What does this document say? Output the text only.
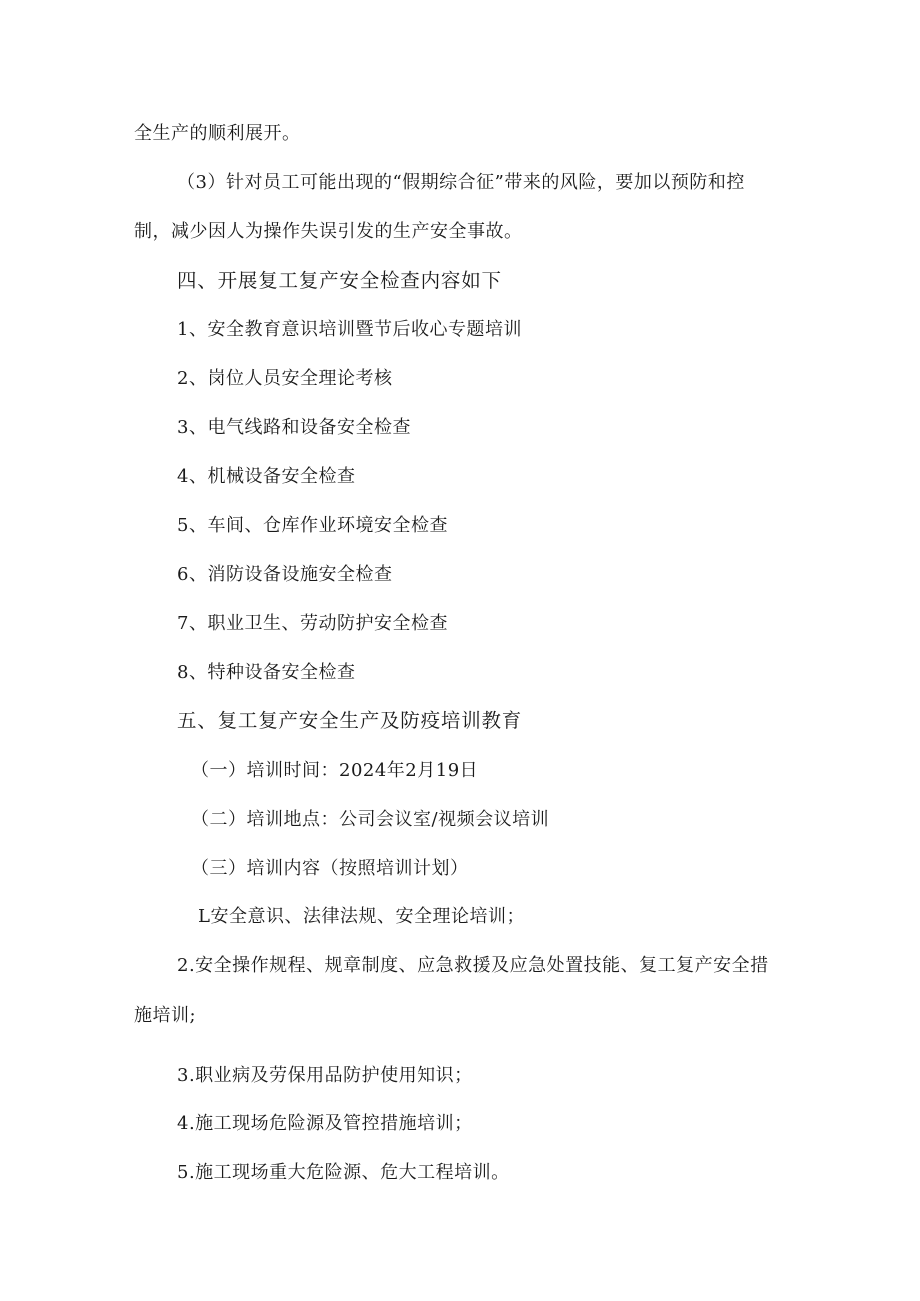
全生产的顺利展开。
（3）针对员工可能出现的“假期综合征”带来的风险，要加以预防和控
制，减少因人为操作失误引发的生产安全事故。
四、开展复工复产安全检查内容如下
1、安全教育意识培训暨节后收心专题培训
2、岗位人员安全理论考核
3、电气线路和设备安全检查
4、机械设备安全检查
5、车间、仓库作业环境安全检查
6、消防设备设施安全检查
7、职业卫生、劳动防护安全检查
8、特种设备安全检查
五、复工复产安全生产及防疫培训教育
（一）培训时间：2024年2月19日
（二）培训地点：公司会议室/视频会议培训
（三）培训内容（按照培训计划）
L安全意识、法律法规、安全理论培训；
2.安全操作规程、规章制度、应急救援及应急处置技能、复工复产安全措
施培训;
3.职业病及劳保用品防护使用知识；
4.施工现场危险源及管控措施培训；
5.施工现场重大危险源、危大工程培训。
